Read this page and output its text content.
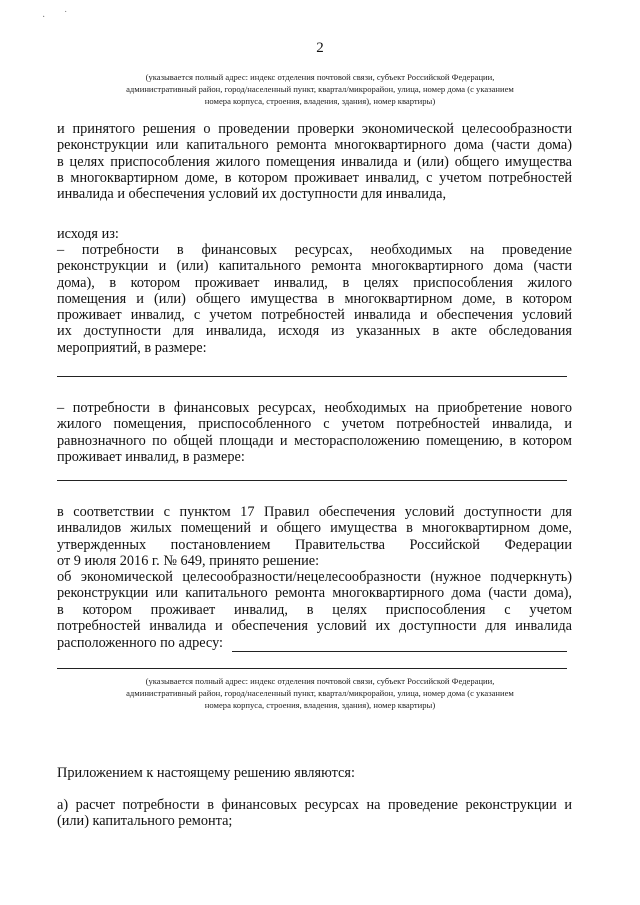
· ˙
2
(указывается полный адрес: индекс отделения почтовой связи, субъект Российской Федерации,
административный район, город/населенный пункт, квартал/микрорайон, улица, номер дома (с указанием
номера корпуса, строения, владения, здания), номер квартиры)
и принятого решения о проведении проверки экономической целесообразности
реконструкции или капитального ремонта многоквартирного дома (части дома)
в целях приспособления жилого помещения инвалида и (или) общего имущества
в многоквартирном доме, в котором проживает инвалид, с учетом потребностей
инвалида и обеспечения условий их доступности для инвалида,
исходя из:
– потребности в финансовых ресурсах, необходимых на проведение
реконструкции и (или) капитального ремонта многоквартирного дома (части
дома), в котором проживает инвалид, в целях приспособления жилого
помещения и (или) общего имущества в многоквартирном доме, в котором
проживает инвалид, с учетом потребностей инвалида и обеспечения условий
их доступности для инвалида, исходя из указанных в акте обследования
мероприятий, в размере:
– потребности в финансовых ресурсах, необходимых на приобретение нового
жилого помещения, приспособленного с учетом потребностей инвалида, и
равнозначного по общей площади и месторасположению помещению, в котором
проживает инвалид, в размере:
в соответствии с пунктом 17 Правил обеспечения условий доступности для
инвалидов жилых помещений и общего имущества в многоквартирном доме,
утвержденных постановлением Правительства Российской Федерации
от 9 июля 2016 г. № 649, принято решение:
об экономической целесообразности/нецелесообразности (нужное подчеркнуть)
реконструкции или капитального ремонта многоквартирного дома (части дома),
в котором проживает инвалид, в целях приспособления с учетом
потребностей инвалида и обеспечения условий их доступности для инвалида
расположенного по адресу:
(указывается полный адрес: индекс отделения почтовой связи, субъект Российской Федерации,
административный район, город/населенный пункт, квартал/микрорайон, улица, номер дома (с указанием
номера корпуса, строения, владения, здания), номер квартиры)
Приложением к настоящему решению являются:
а) расчет потребности в финансовых ресурсах на проведение реконструкции и
(или) капитального ремонта;
